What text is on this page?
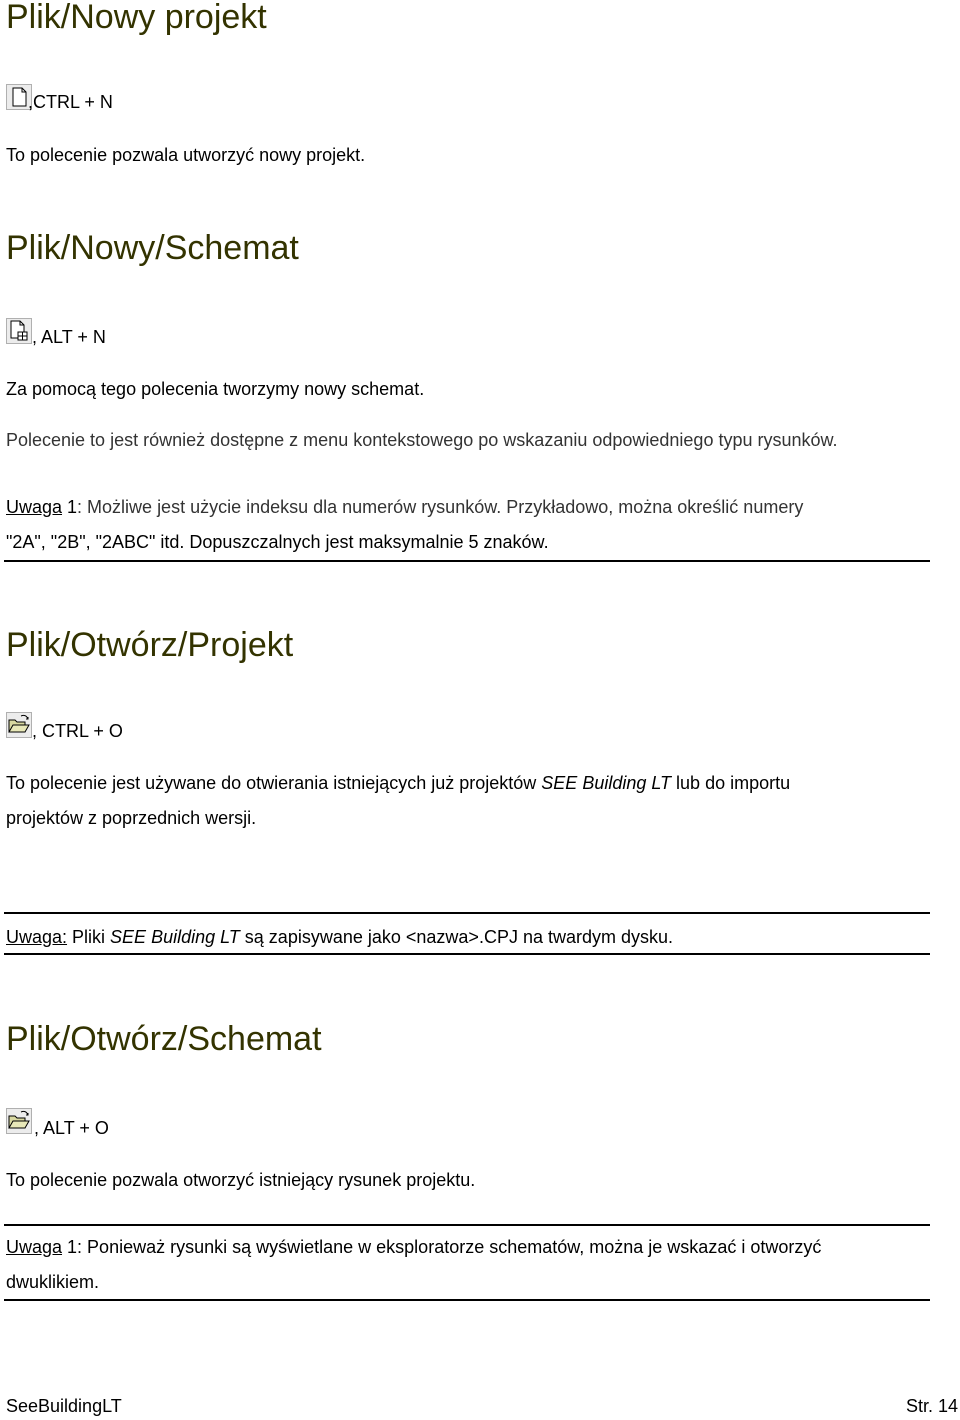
Plik/Nowy projekt
,CTRL + N
To polecenie pozwala utworzyć nowy projekt.
Plik/Nowy/Schemat
, ALT + N
Za pomocą tego polecenia tworzymy nowy schemat.
Polecenie to jest również dostępne z menu kontekstowego po wskazaniu odpowiedniego typu rysunków.
Uwaga 1: Możliwe jest użycie indeksu dla numerów rysunków. Przykładowo, można określić numery
"2A", "2B", "2ABC" itd. Dopuszczalnych jest maksymalnie 5 znaków.
Plik/Otwórz/Projekt
, CTRL + O
To polecenie jest używane do otwierania istniejących już projektów SEE Building LT lub do importu
projektów z poprzednich wersji.
Uwaga: Pliki SEE Building LT są zapisywane jako <nazwa>.CPJ na twardym dysku.
Plik/Otwórz/Schemat
, ALT + O
To polecenie pozwala otworzyć istniejący rysunek projektu.
Uwaga 1: Ponieważ rysunki są wyświetlane w eksploratorze schematów, można je wskazać i otworzyć
dwuklikiem.
SeeBuildingLT	Str. 14
